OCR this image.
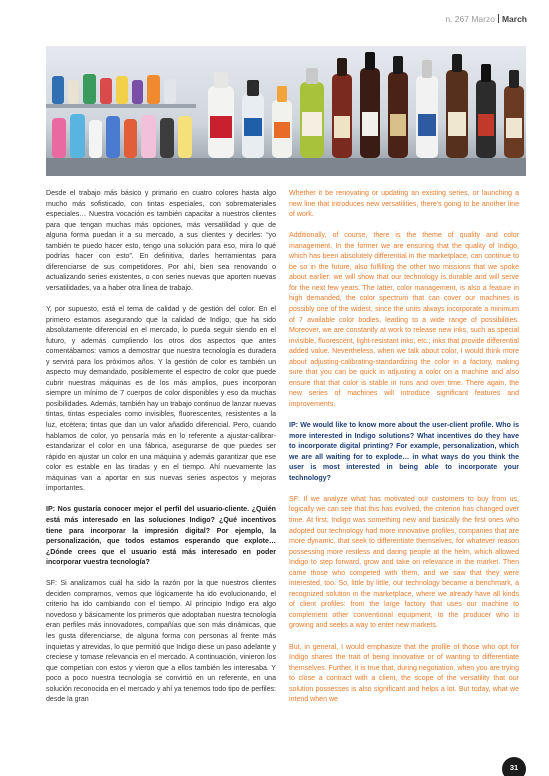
n. 267 Marzo March

Desde el trabajo más básico y primario en cuatro colores hasta algo mucho más sofisticado, con tintas especiales, con sobremateriales especiales… Nuestra vocación es también capacitar a nuestros clientes para que tengan muchas más opciones, más versatilidad y que de alguna forma puedan ir a su mercado, a sus clientes y decirles: “yo también te puedo hacer esto, tengo una solución para eso, mira lo qué podrías hacer con esto”. En definitiva, darles herramientas para diferenciarse de sus competidores. Por ahí, bien sea renovando o actualizando series existentes, o con series nuevas que aporten nuevas versatilidades, va a haber otra línea de trabajo.

Y, por supuesto, está el tema de calidad y de gestión del color. En el primero estamos asegurando que la calidad de Indigo, que ha sido absolutamente diferencial en el mercado, lo pueda seguir siendo en el futuro, y además cumpliendo los otros dos aspectos que antes comentábamos: vamos a demostrar que nuestra tecnología es duradera y servirá para los próximos años. Y la gestión de color es también un aspecto muy demandado, posiblemente el espectro de color que puede cubrir nuestras máquinas es de los más amplios, pues incorporan siempre un mínimo de 7 cuerpos de color disponibles y eso da muchas posibilidades. Además, también hay un trabajo continuo de lanzar nuevas tintas, tintas especiales como invisibles, fluorescentes, resistentes a la luz, etcétera; tintas que dan un valor añadido diferencial. Pero, cuando hablamos de color, yo pensaría más en lo referente a ajustar-calibrar-estandarizar el color en una fábrica, asegurarse de que puedes ser rápido en ajustar un color en una máquina y además garantizar que ese color es estable en las tiradas y en el tiempo. Ahí nuevamente las máquinas van a aportar en sus nuevas series aspectos y mejoras importantes.

IP: Nos gustaría conocer mejor el perfil del usuario-cliente. ¿Quién está más interesado en las soluciones Indigo? ¿Qué incentivos tiene para incorporar la impresión digital? Por ejemplo, la personalización, que todos estamos esperando que explote… ¿Dónde crees que el usuario está más interesado en poder incorporar vuestra tecnología?

SF: Si analizamos cuál ha sido la razón por la que nuestros clientes deciden comprarnos, vemos que lógicamente ha ido evolucionando, el criterio ha ido cambiando con el tiempo. Al principio Indigo era algo novedoso y básicamente los primeros que adoptaban nuestra tecnología eran perfiles más innovadores, compañías que son más dinámicas, que les gusta diferenciarse, de alguna forma con personas al frente más inquietas y atrevidas, lo que permitió que Indigo diese un paso adelante y creciese y tomase relevancia en el mercado. A continuación, vinieron los que competían con estos y vieron que a ellos también les interesaba. Y poco a poco nuestra tecnología se convirtió en un referente, en una solución reconocida en el mercado y ahí ya tenemos todo tipo de perfiles: desde la gran

Whether it be renovating or updating an existing series, or launching a new line that introduces new versatilities, there's going to be another line of work.

Additionally, of course, there is the theme of quality and color management. In the former we are ensuring that the quality of Indigo, which has been absolutely differential in the marketplace, can continue to be so in the future, also fulfilling the other two missions that we spoke about earlier: we will show that our technology is durable and will serve for the next few years. The latter, color management, is also a feature in high demanded, the color spectrum that can cover our machines is possibly one of the widest, since the units always incorporate a minimum of 7 available color bodies, leading to a wide range of possibilities. Moreover, we are constantly at work to release new inks, such as special invisible, fluorescent, light-resistant inks, etc.; inks that provide differential added value. Nevertheless, when we talk about color, I would think more about adjusting-calibrating-standardizing the color in a factory, making sure that you can be quick in adjusting a color on a machine and also ensure that that color is stable in runs and over time. There again, the new series of machines will introduce significant features and improvements.

IP: We would like to know more about the user-client profile. Who is more interested in Indigo solutions? What incentives do they have to incorporate digital printing? For example, personalization, which we are all waiting for to explode… in what ways do you think the user is most interested in being able to incorporate your technology?

SF: If we analyze what has motivated our customers to buy from us, logically we can see that this has evolved, the criterion has changed over time. At first, Indigo was something new and basically the first ones who adopted our technology had more innovative profiles, companies that are more dynamic, that seek to differentiate themselves, for whatever reason possessing more restless and daring people at the helm, which allowed Indigo to step forward, grow and take on relevance in the market. Then came those who competed with them, and we saw that they were interested, too. So, little by little, our technology became a benchmark, a recognized solution in the marketplace, where we already have all kinds of client profiles: from the large factory that uses our machine to complement other conventional equipment, to the producer who is growing and seeks a way to enter new markets.

But, in general, I would emphasize that the profile of those who opt for Indigo shares the trait of being innovative or of wanting to differentiate themselves. Further, it is true that, during negotiation, when you are trying to close a contract with a client, the scope of the versatility that our solution possesses is also significant and helps a lot. But today, what we intend when we

31
